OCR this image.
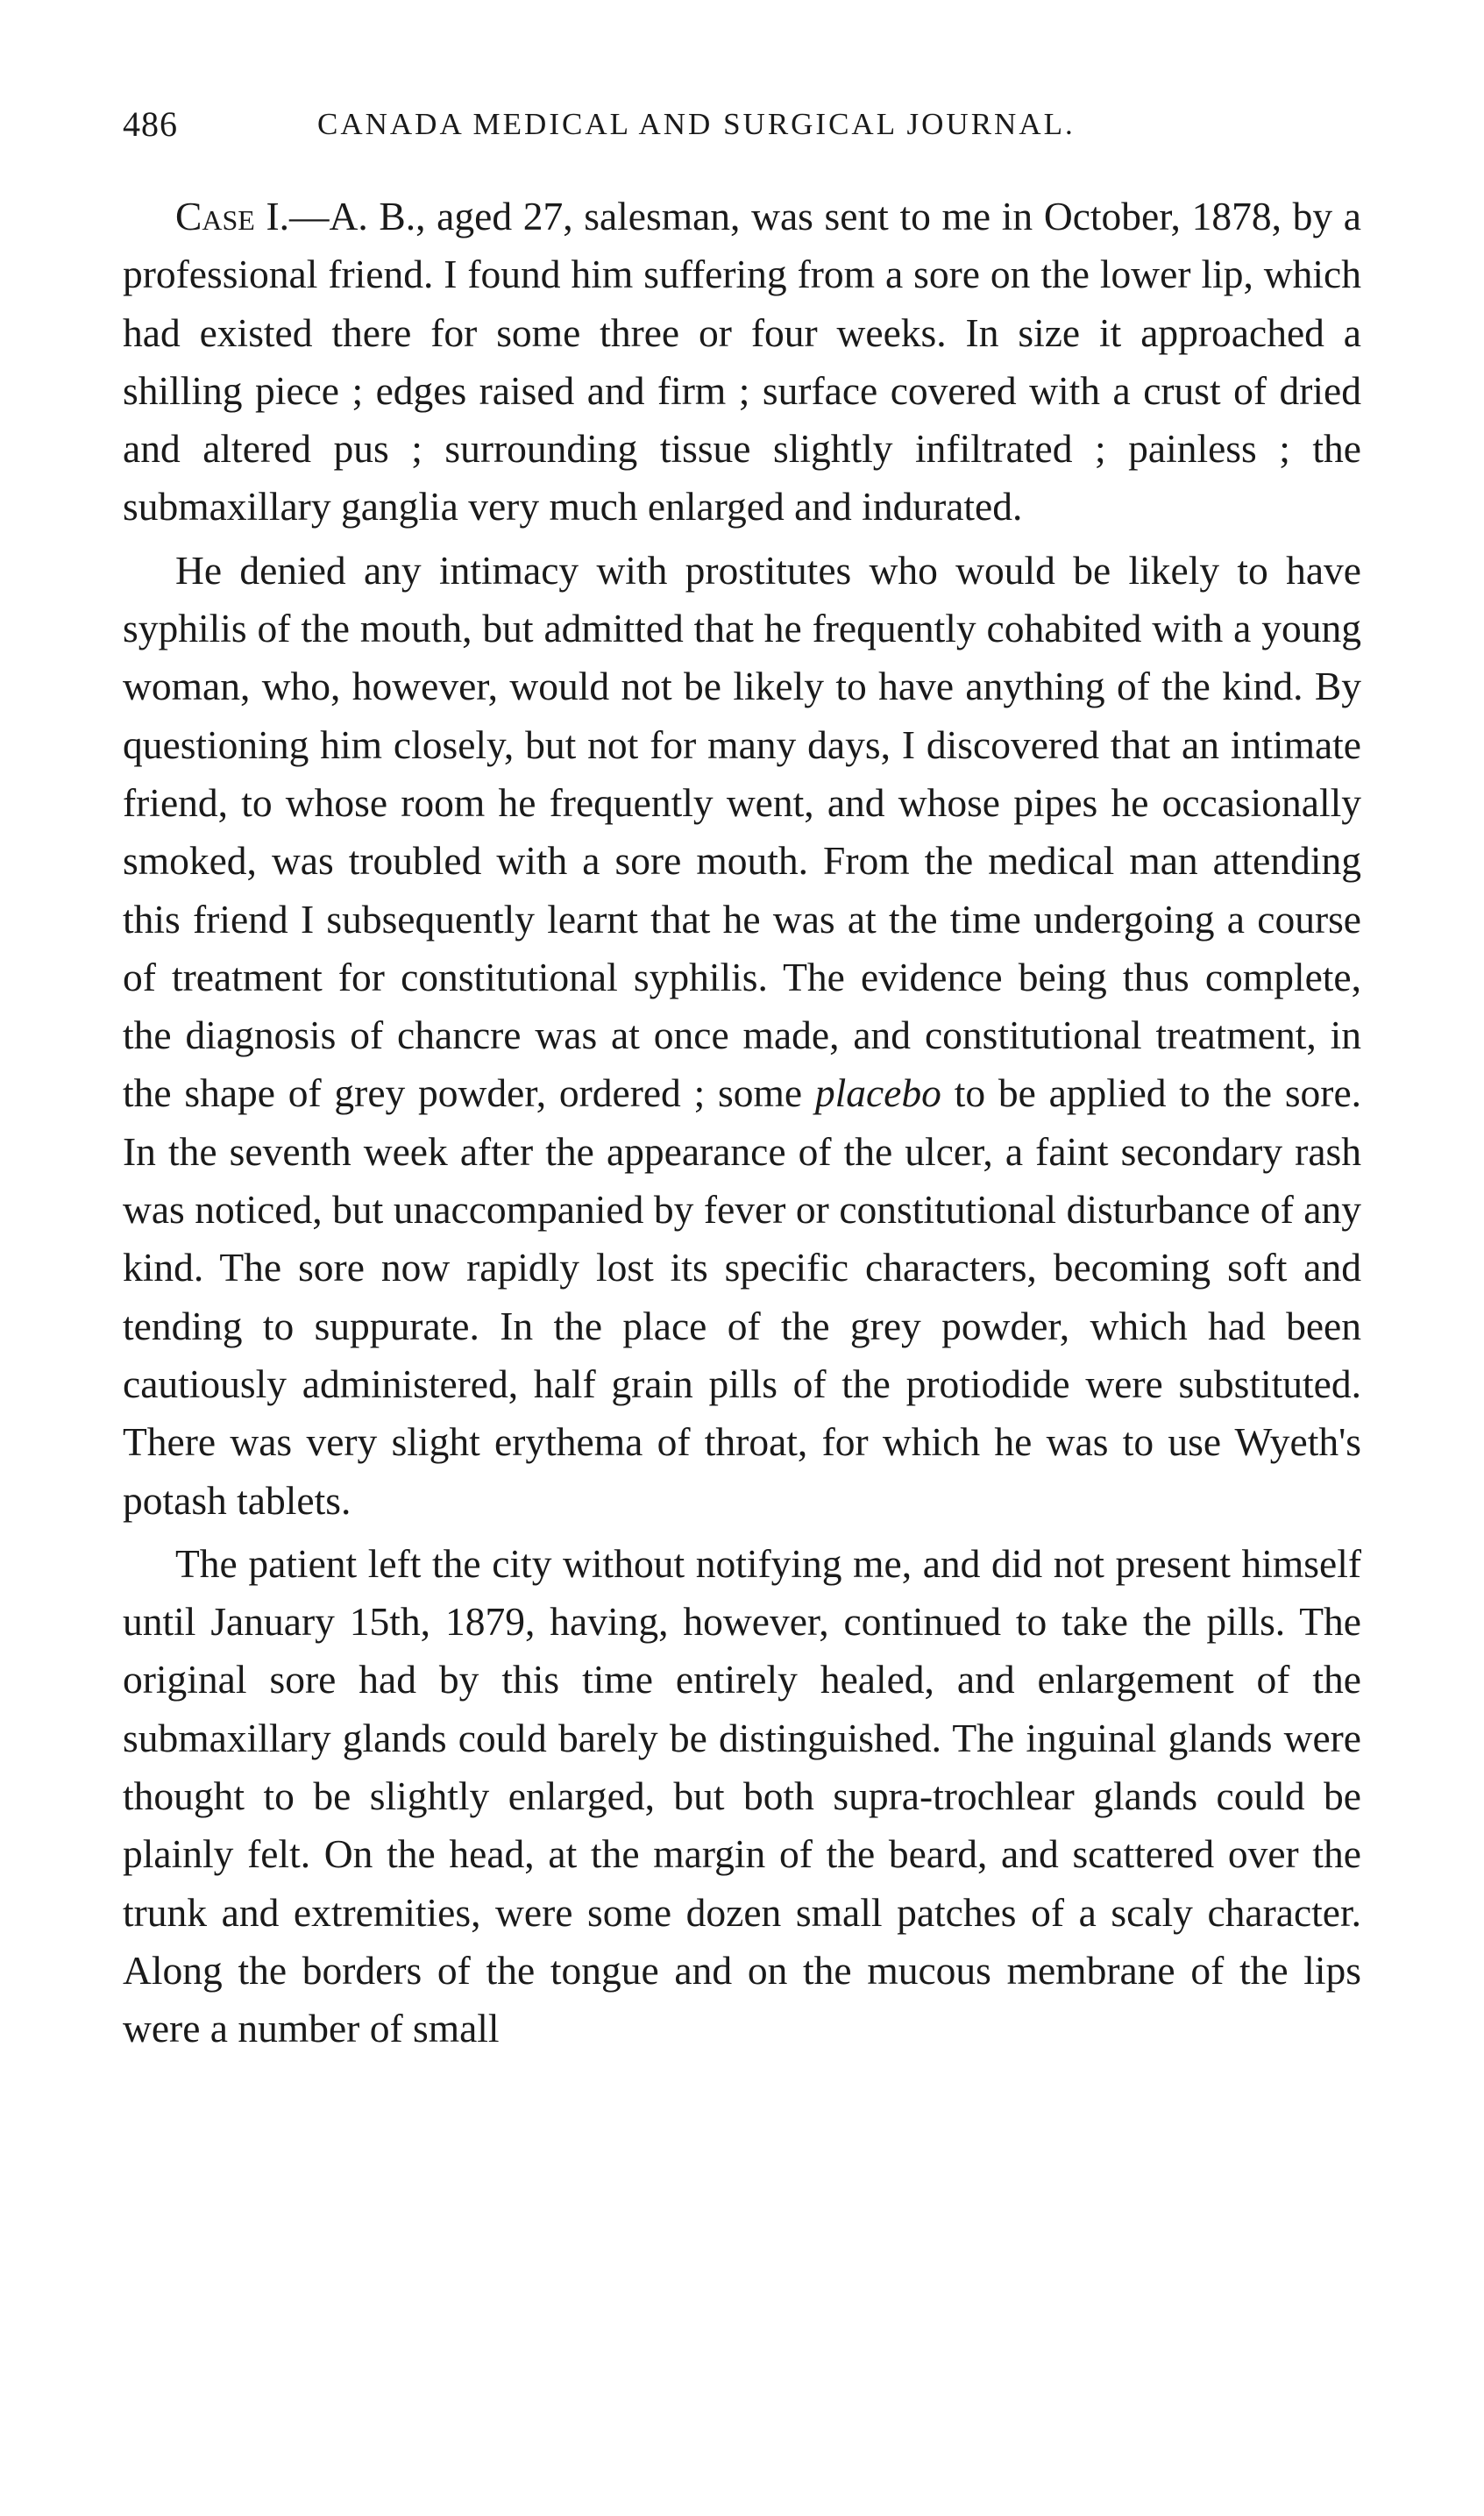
486	CANADA MEDICAL AND SURGICAL JOURNAL.

Case I.—A. B., aged 27, salesman, was sent to me in October, 1878, by a professional friend. I found him suffering from a sore on the lower lip, which had existed there for some three or four weeks. In size it approached a shilling piece ; edges raised and firm ; surface covered with a crust of dried and altered pus ; surrounding tissue slightly infiltrated ; painless ; the submaxillary ganglia very much enlarged and indurated.

He denied any intimacy with prostitutes who would be likely to have syphilis of the mouth, but admitted that he frequently cohabited with a young woman, who, however, would not be likely to have anything of the kind. By questioning him closely, but not for many days, I discovered that an intimate friend, to whose room he frequently went, and whose pipes he occasionally smoked, was troubled with a sore mouth. From the medical man attending this friend I subsequently learnt that he was at the time undergoing a course of treatment for constitutional syphilis. The evidence being thus complete, the diagnosis of chancre was at once made, and constitutional treatment, in the shape of grey powder, ordered ; some placebo to be applied to the sore. In the seventh week after the appearance of the ulcer, a faint secondary rash was noticed, but unaccompanied by fever or constitutional disturbance of any kind. The sore now rapidly lost its specific characters, becoming soft and tending to suppurate. In the place of the grey powder, which had been cautiously administered, half grain pills of the protiodide were substituted. There was very slight erythema of throat, for which he was to use Wyeth's potash tablets.

The patient left the city without notifying me, and did not present himself until January 15th, 1879, having, however, continued to take the pills. The original sore had by this time entirely healed, and enlargement of the submaxillary glands could barely be distinguished. The inguinal glands were thought to be slightly enlarged, but both supra-trochlear glands could be plainly felt. On the head, at the margin of the beard, and scattered over the trunk and extremities, were some dozen small patches of a scaly character. Along the borders of the tongue and on the mucous membrane of the lips were a number of small
